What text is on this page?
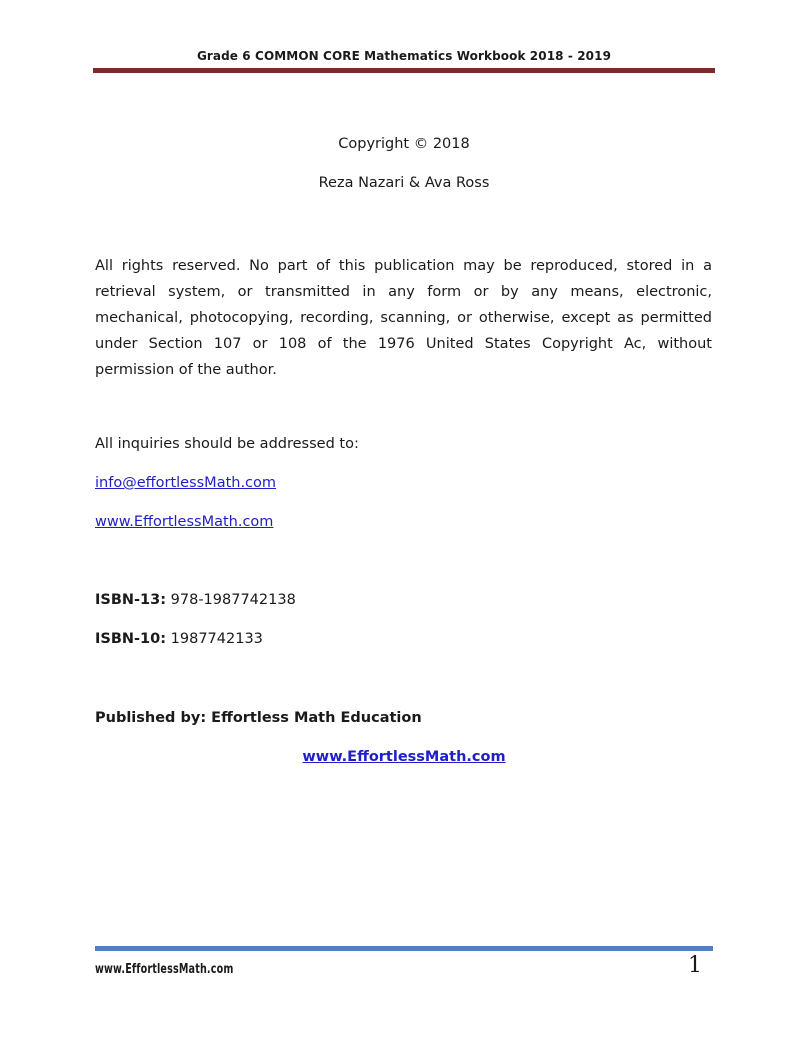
Grade 6 COMMON CORE Mathematics Workbook 2018 - 2019
Copyright © 2018
Reza Nazari & Ava Ross
All rights reserved. No part of this publication may be reproduced, stored in a retrieval system, or transmitted in any form or by any means, electronic, mechanical, photocopying, recording, scanning, or otherwise, except as permitted under Section 107 or 108 of the 1976 United States Copyright Ac, without permission of the author.
All inquiries should be addressed to:
info@effortlessMath.com
www.EffortlessMath.com
ISBN-13: 978-1987742138
ISBN-10: 1987742133
Published by: Effortless Math Education
www.EffortlessMath.com
www.EffortlessMath.com	1
